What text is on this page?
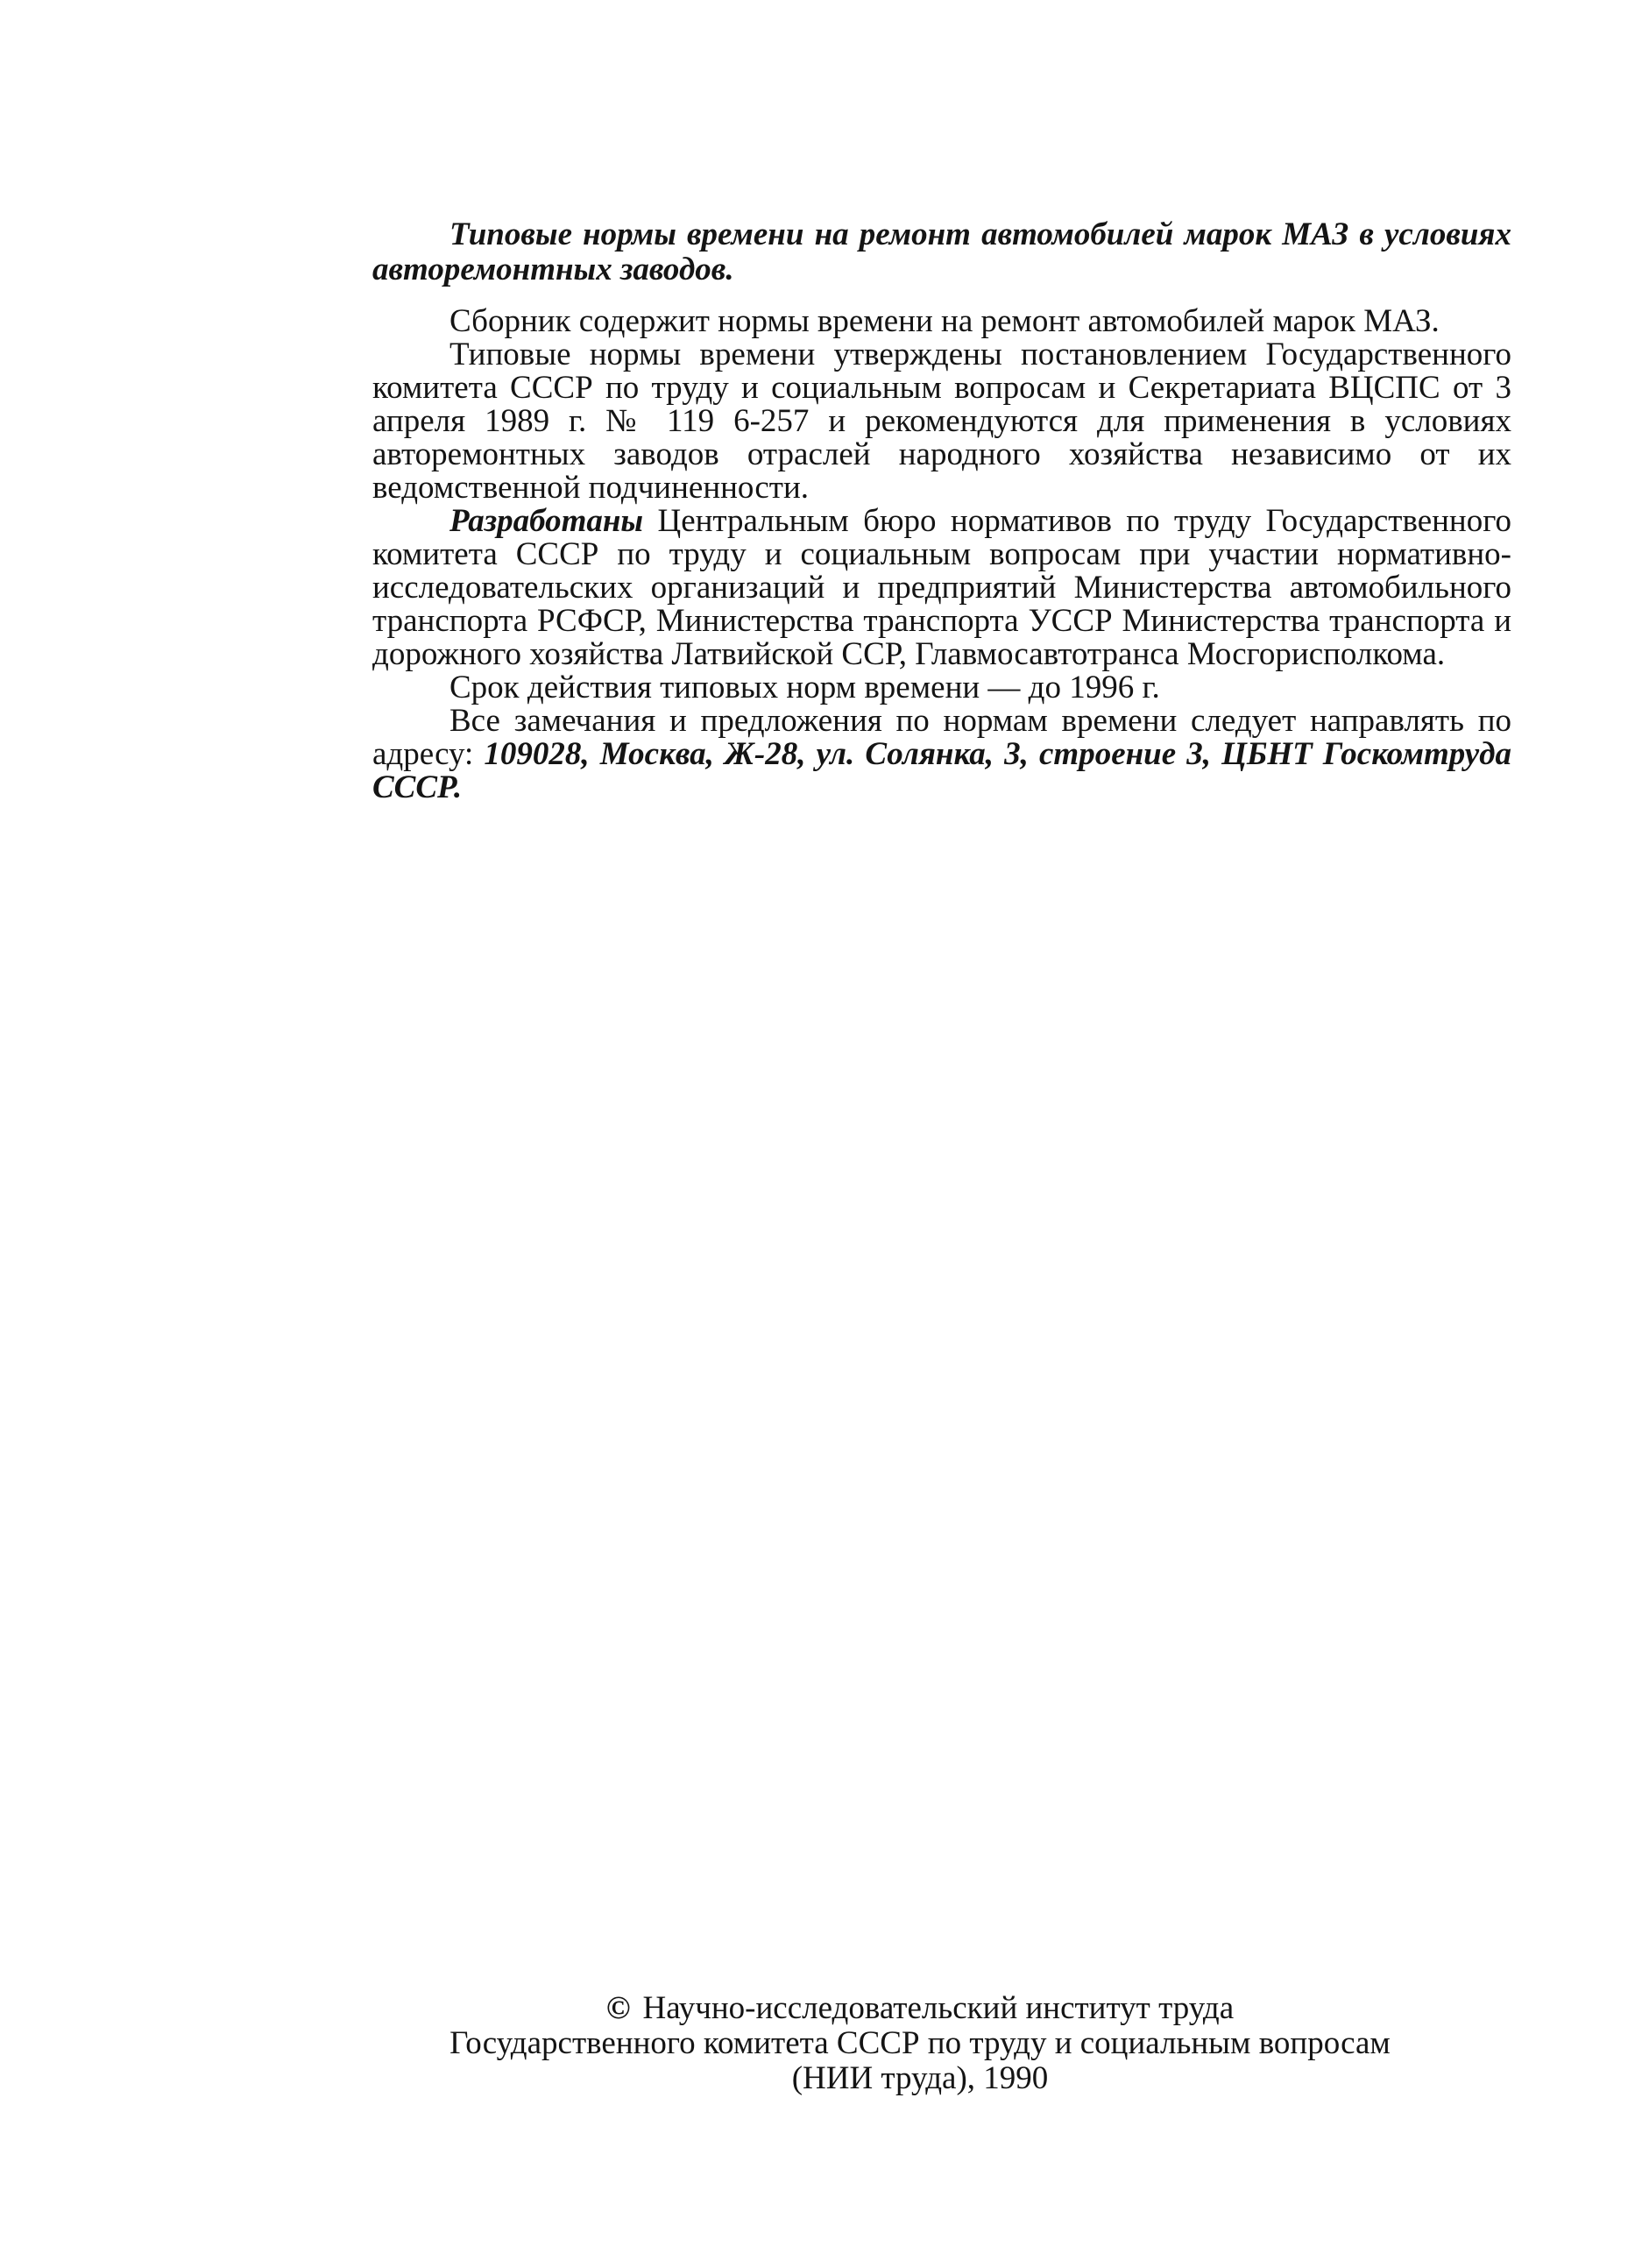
Типовые нормы времени на ремонт автомобилей марок МАЗ в условиях авторемонтных заводов.

Сборник содержит нормы времени на ремонт автомобилей марок МАЗ.

Типовые нормы времени утверждены постановлением Государственного комитета СССР по труду и социальным вопросам и Секретариата ВЦСПС от 3 апреля 1989 г. № 119 6-257 и рекомендуются для применения в условиях авторемонтных заводов отраслей народного хозяйства независимо от их ведомственной подчиненности.

Разработаны Центральным бюро нормативов по труду Государственного комитета СССР по труду и социальным вопросам при участии нормативно-исследовательских организаций и предприятий Министерства автомобильного транспорта РСФСР, Министерства транспорта УССР Министерства транспорта и дорожного хозяйства Латвийской ССР, Главмосавтотранса Мосгорисполкома.

Срок действия типовых норм времени — до 1996 г.

Все замечания и предложения по нормам времени следует направлять по адресу: 109028, Москва, Ж-28, ул. Солянка, 3, строение 3, ЦБНТ Госкомтруда СССР.

© Научно-исследовательский институт труда
Государственного комитета СССР по труду и социальным вопросам
(НИИ труда), 1990
